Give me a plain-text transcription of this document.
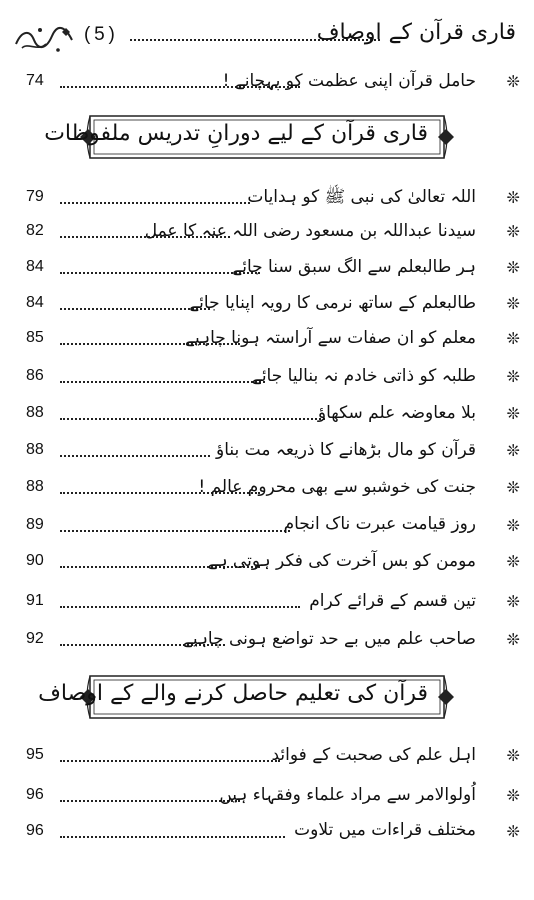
( 5 )	قاری قرآن کے اوصاف
74	حامل قرآن اپنی عظمت کو پہچانے ! ❊
قاری قرآن کے لیے دورانِ تدریس ملفوظات
79	اللہ تعالیٰ کی نبی ﷺ کو ہدایات ❊
82	سیدنا عبداللہ بن مسعود رضی اللہ عنہ کا عمل ❊
84	ہر طالبعلم سے الگ سبق سنا جائے ❊
84	طالبعلم کے ساتھ نرمی کا رویہ اپنایا جائے ❊
85	معلم کو ان صفات سے آراستہ ہونا چاہیے ❊
86	طلبہ کو ذاتی خادم نہ بنالیا جائے ❊
88	بلا معاوضہ علم سکھاؤ ❊
88	قرآن کو مال بڑھانے کا ذریعہ مت بناؤ ❊
88	جنت کی خوشبو سے بھی محروم عالم ! ❊
89	روز قیامت عبرت ناک انجام ❊
90	مومن کو بس آخرت کی فکر ہوتی ہے ❊
91	تین قسم کے قرائے کرام ❊
92	صاحب علم میں بے حد تواضع ہونی چاہیے ❊
قرآن کی تعلیم حاصل کرنے والے کے اوصاف
95	اہل علم کی صحبت کے فوائد ❊
96	اُولوالامر سے مراد علماء وفقہاء ہیں ❊
96	مختلف قراءات میں تلاوت ❊
